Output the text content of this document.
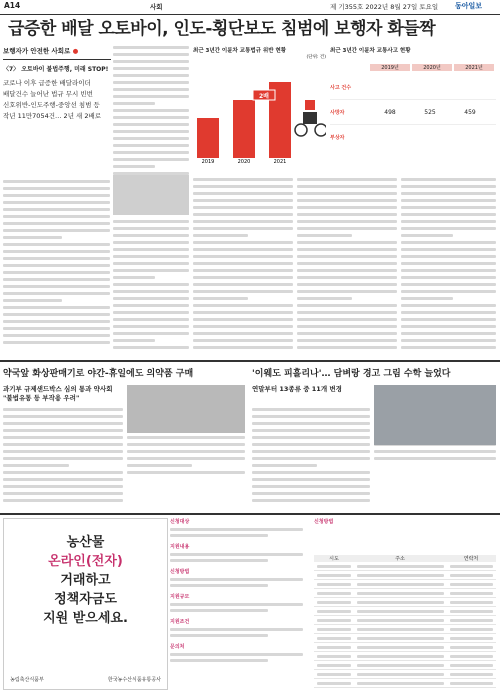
A14	사회	제 기355호 2022년 8월 27일 토요일 동아일보
급증한 배달 오토바이, 인도-횡단보도 침범에 보행자 화들짝
보행자가 안전한 사회로 ●
〈7〉 오토바이 불법주행, 미래 STOP!
코로나 이후 급증한 배달라이더
배달건수 늘어난 법규 무시 빈번
신호위반-인도주행-중앙선 침범 등
작년 11만7054건… 2년 새 2배로
최근 3년간 이륜차 교통법규 위반 현황
(단위: 건)
2배
2019	2020	2021
최근 3년간 이륜차 교통사고 현황
2019년	2020년	2021년
사고 건수
사망자	498	525	459
부상자
약국앞 화상판매기로 야간-휴일에도 의약품 구매	'이웨도 피흘리나'… 담벼랑 경고 그림 수학 늘었다
과기부 규제샌드박스 심의 통과 약사회 "불법유통 등 부작용 우려"
연말부터 13종류 중 11개 변경
농산물
온라인(전자)
거래하고
정책자금도
지원 받으세요.
농림축산식품부	한국농수산식품유통공사
신청대상
지원내용
신청방법
지원규모
지원조건
문의처
신청방법
시도	주소	연락처
